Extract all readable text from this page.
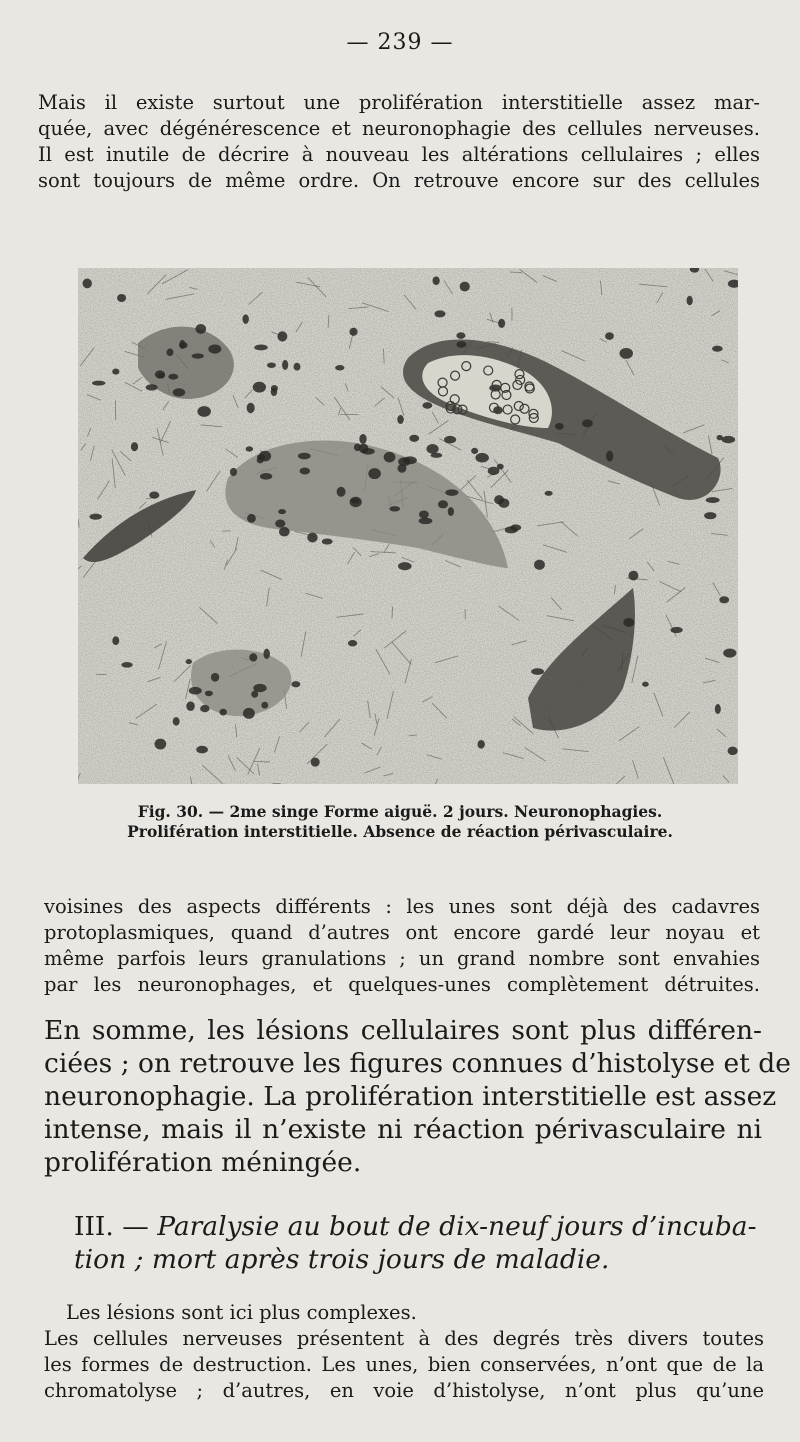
— 239 —
Mais il existe surtout une prolifération interstitielle assez mar-
quée, avec dégénérescence et neuronophagie des cellules nerveuses.
Il est inutile de décrire à nouveau les altérations cellulaires ; elles
sont toujours de même ordre. On retrouve encore sur des cellules
Fig. 30. — 2me singe Forme aiguë. 2 jours. Neuronophagies.
Prolifération interstitielle. Absence de réaction périvasculaire.
voisines des aspects différents : les unes sont déjà des cadavres
protoplasmiques, quand d’autres ont encore gardé leur noyau et
même parfois leurs granulations ; un grand nombre sont envahies
par les neuronophages, et quelques-unes complètement détruites.
En somme, les lésions cellulaires sont plus différen-
ciées ; on retrouve les figures connues d’histolyse et de
neuronophagie. La prolifération interstitielle est assez
intense, mais il n’existe ni réaction périvasculaire ni
prolifération méningée.
III. — Paralysie au bout de dix-neuf jours d’incuba-
tion ; mort après trois jours de maladie.
Les lésions sont ici plus complexes.
Les cellules nerveuses présentent à des degrés très divers toutes
les formes de destruction. Les unes, bien conservées, n’ont que de la
chromatolyse ; d’autres, en voie d’histolyse, n’ont plus qu’une
